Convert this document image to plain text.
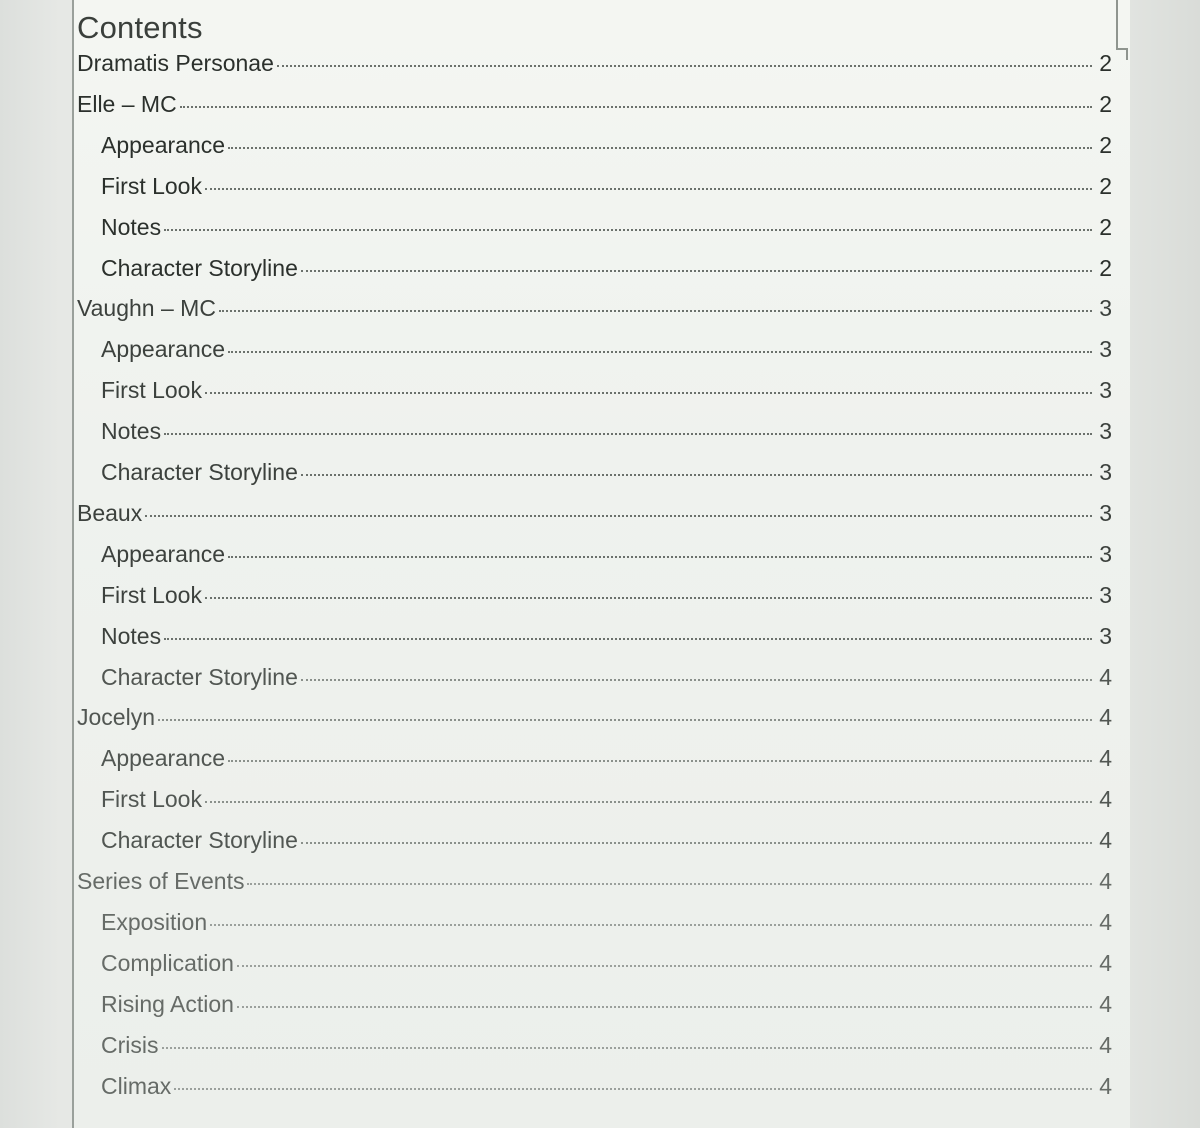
Contents
Dramatis Personae	2
Elle – MC	2
Appearance	2
First Look	2
Notes	2
Character Storyline	2
Vaughn – MC	3
Appearance	3
First Look	3
Notes	3
Character Storyline	3
Beaux	3
Appearance	3
First Look	3
Notes	3
Character Storyline	4
Jocelyn	4
Appearance	4
First Look	4
Character Storyline	4
Series of Events	4
Exposition	4
Complication	4
Rising Action	4
Crisis	4
Climax	4
